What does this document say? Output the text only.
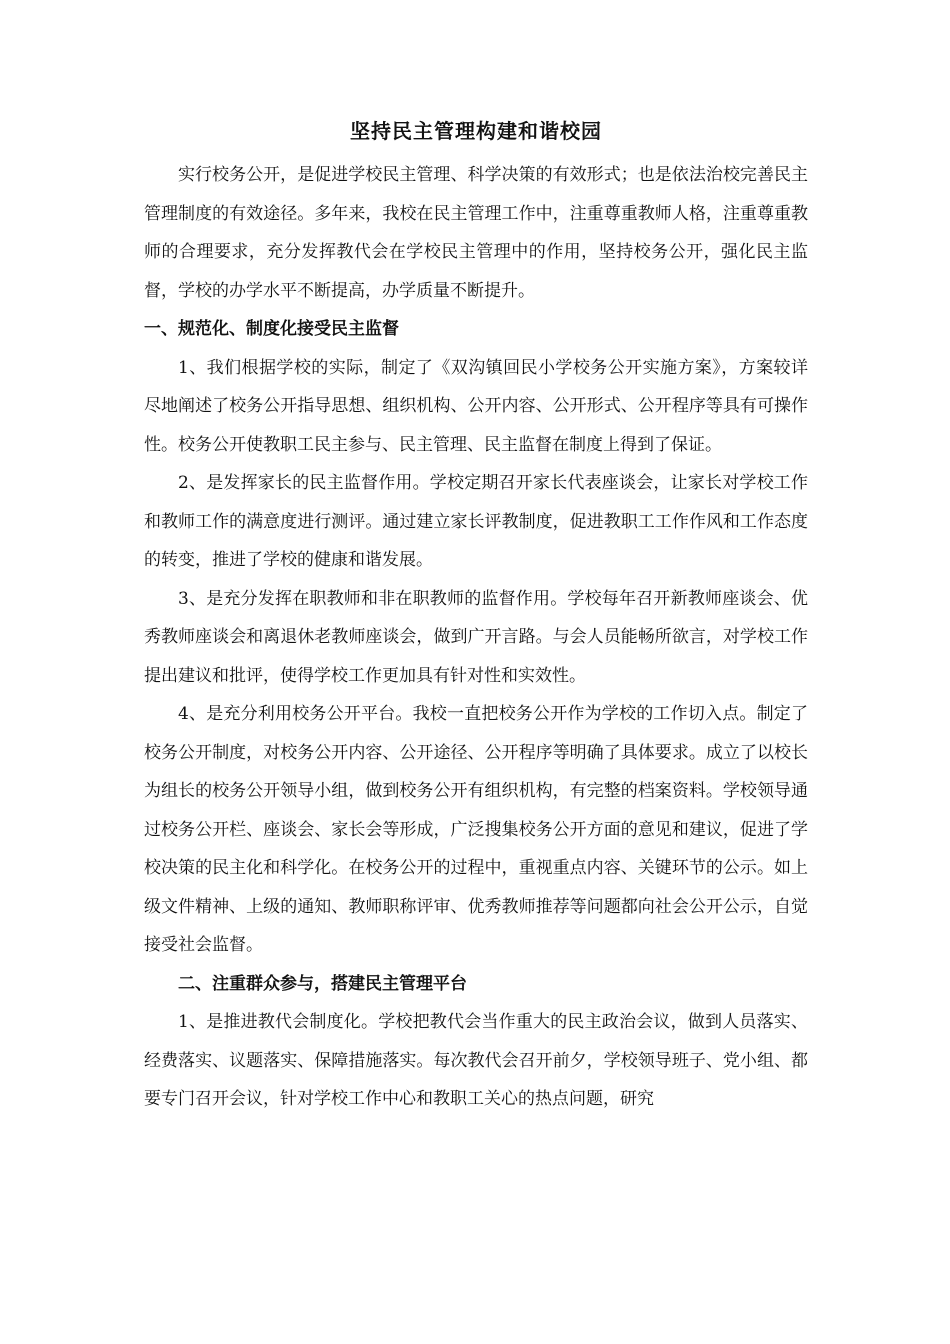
坚持民主管理构建和谐校园

实行校务公开，是促进学校民主管理、科学决策的有效形式；也是依法治校完善民主管理制度的有效途径。多年来，我校在民主管理工作中，注重尊重教师人格，注重尊重教师的合理要求，充分发挥教代会在学校民主管理中的作用，坚持校务公开，强化民主监督，学校的办学水平不断提高，办学质量不断提升。

一、规范化、制度化接受民主监督

1、我们根据学校的实际，制定了《双沟镇回民小学校务公开实施方案》，方案较详尽地阐述了校务公开指导思想、组织机构、公开内容、公开形式、公开程序等具有可操作性。校务公开使教职工民主参与、民主管理、民主监督在制度上得到了保证。

2、是发挥家长的民主监督作用。学校定期召开家长代表座谈会，让家长对学校工作和教师工作的满意度进行测评。通过建立家长评教制度，促进教职工工作作风和工作态度的转变，推进了学校的健康和谐发展。

3、是充分发挥在职教师和非在职教师的监督作用。学校每年召开新教师座谈会、优秀教师座谈会和离退休老教师座谈会，做到广开言路。与会人员能畅所欲言，对学校工作提出建议和批评，使得学校工作更加具有针对性和实效性。

4、是充分利用校务公开平台。我校一直把校务公开作为学校的工作切入点。制定了校务公开制度，对校务公开内容、公开途径、公开程序等明确了具体要求。成立了以校长为组长的校务公开领导小组，做到校务公开有组织机构，有完整的档案资料。学校领导通过校务公开栏、座谈会、家长会等形成，广泛搜集校务公开方面的意见和建议，促进了学校决策的民主化和科学化。在校务公开的过程中，重视重点内容、关键环节的公示。如上级文件精神、上级的通知、教师职称评审、优秀教师推荐等问题都向社会公开公示，自觉接受社会监督。

二、注重群众参与，搭建民主管理平台

1、是推进教代会制度化。学校把教代会当作重大的民主政治会议，做到人员落实、经费落实、议题落实、保障措施落实。每次教代会召开前夕，学校领导班子、党小组、都要专门召开会议，针对学校工作中心和教职工关心的热点问题，研究
